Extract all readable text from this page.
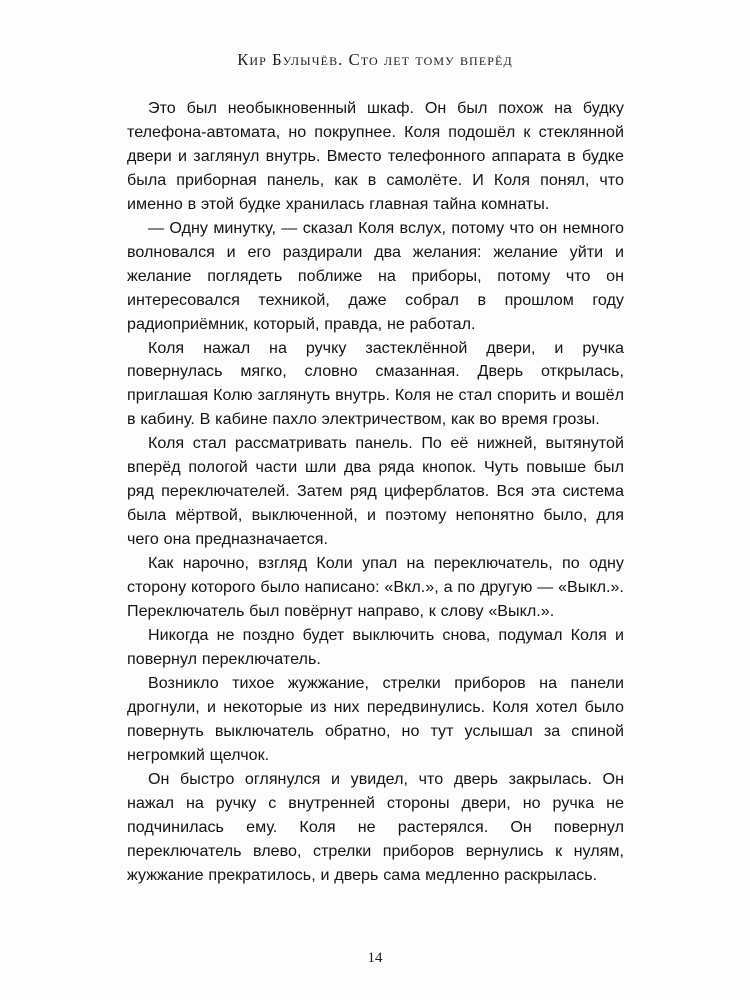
Кир Булычёв. Сто лет тому вперёд

Это был необыкновенный шкаф. Он был похож на будку телефона-автомата, но покрупнее. Коля подошёл к стеклянной двери и заглянул внутрь. Вместо телефонного аппарата в будке была приборная панель, как в самолёте. И Коля понял, что именно в этой будке хранилась главная тайна комнаты.

— Одну минутку, — сказал Коля вслух, потому что он немного волновался и его раздирали два желания: желание уйти и желание поглядеть поближе на приборы, потому что он интересовался техникой, даже собрал в прошлом году радиоприёмник, который, правда, не работал.

Коля нажал на ручку застеклённой двери, и ручка повернулась мягко, словно смазанная. Дверь открылась, приглашая Колю заглянуть внутрь. Коля не стал спорить и вошёл в кабину. В кабине пахло электричеством, как во время грозы.

Коля стал рассматривать панель. По её нижней, вытянутой вперёд пологой части шли два ряда кнопок. Чуть повыше был ряд переключателей. Затем ряд циферблатов. Вся эта система была мёртвой, выключенной, и поэтому непонятно было, для чего она предназначается.

Как нарочно, взгляд Коли упал на переключатель, по одну сторону которого было написано: «Вкл.», а по другую — «Выкл.». Переключатель был повёрнут направо, к слову «Выкл.».

Никогда не поздно будет выключить снова, подумал Коля и повернул переключатель.

Возникло тихое жужжание, стрелки приборов на панели дрогнули, и некоторые из них передвинулись. Коля хотел было повернуть выключатель обратно, но тут услышал за спиной негромкий щелчок.

Он быстро оглянулся и увидел, что дверь закрылась. Он нажал на ручку с внутренней стороны двери, но ручка не подчинилась ему. Коля не растерялся. Он повернул переключатель влево, стрелки приборов вернулись к нулям, жужжание прекратилось, и дверь сама медленно раскрылась.

14
